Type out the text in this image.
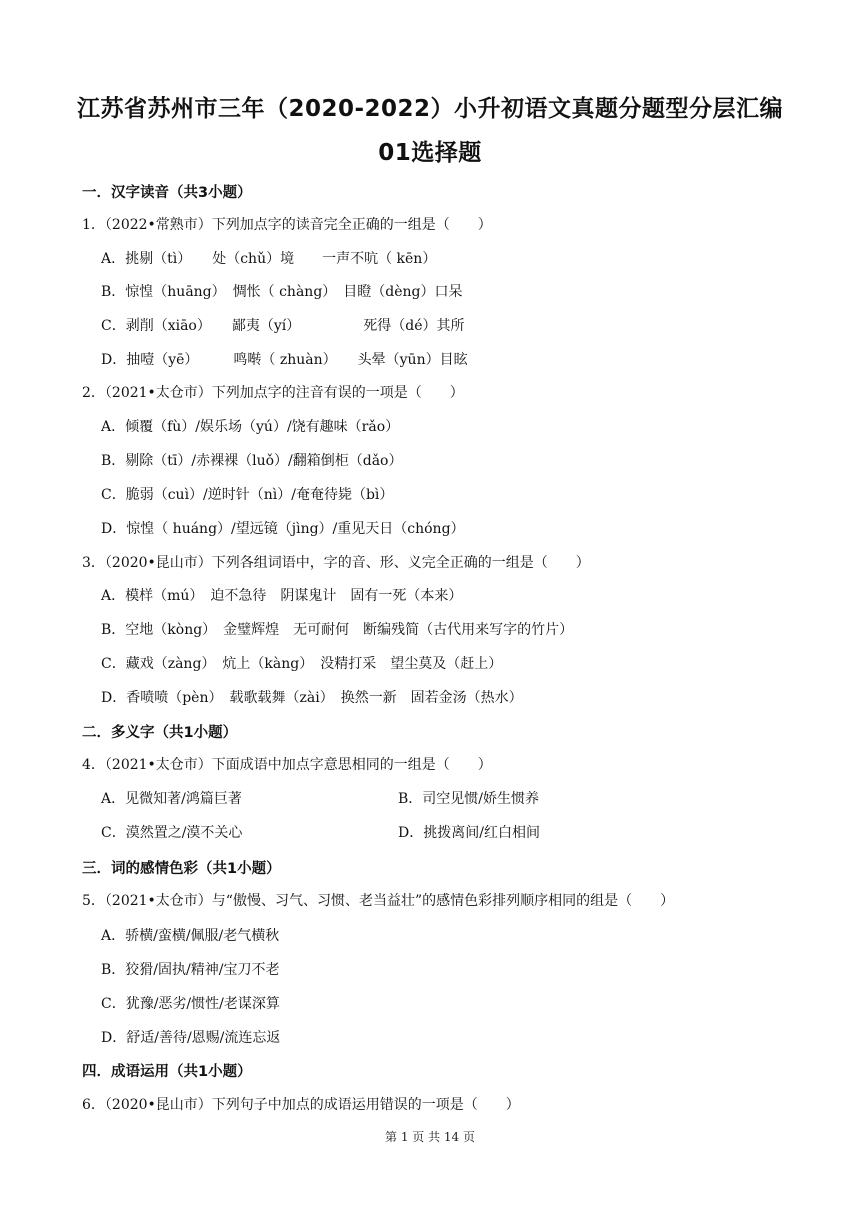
江苏省苏州市三年（2020-2022）小升初语文真题分题型分层汇编
01选择题
一．汉字读音（共3小题）
1．（2022•常熟市）下列加点字的读音完全正确的一组是（　　）
A．挑剔（tì）　　处（chǔ）境　　一声不吭（ kēn）
B．惊惶（huāng）　惆怅（ chàng）　目瞪（dèng）口呆
C．剥削（xiāo）　　鄙夷（yí）　　　　　死得（dé）其所
D．抽噎（yē）　　　鸣啭（ zhuàn）　　头晕（yūn）目眩
2．（2021•太仓市）下列加点字的注音有误的一项是（　　）
A．倾覆（fù）/娱乐场（yú）/饶有趣味（rǎo）
B．剔除（tī）/赤裸裸（luǒ）/翻箱倒柜（dǎo）
C．脆弱（cuì）/逆时针（nì）/奄奄待毙（bì）
D．惊惶（ huáng）/望远镜（jìng）/重见天日（chóng）
3．（2020•昆山市）下列各组词语中，字的音、形、义完全正确的一组是（　　）
A．模样（mú）　迫不急待　阴谋鬼计　固有一死（本来）
B．空地（kòng）　金璧辉煌　无可耐何　断编残简（古代用来写字的竹片）
C．藏戏（zàng）　炕上（kàng）　没精打采　望尘莫及（赶上）
D．香喷喷（pèn）　载歌载舞（zài）　换然一新　固若金汤（热水）
二．多义字（共1小题）
4．（2021•太仓市）下面成语中加点字意思相同的一组是（　　）
A．见微知著/鸿篇巨著	B．司空见惯/娇生惯养
C．漠然置之/漠不关心	D．挑拨离间/红白相间
三．词的感情色彩（共1小题）
5．（2021•太仓市）与“傲慢、习气、习惯、老当益壮”的感情色彩排列顺序相同的组是（　　）
A．骄横/蛮横/佩服/老气横秋
B．狡猾/固执/精神/宝刀不老
C．犹豫/恶劣/惯性/老谋深算
D．舒适/善待/恩赐/流连忘返
四．成语运用（共1小题）
6．（2020•昆山市）下列句子中加点的成语运用错误的一项是（　　）
第 1 页 共 14 页
